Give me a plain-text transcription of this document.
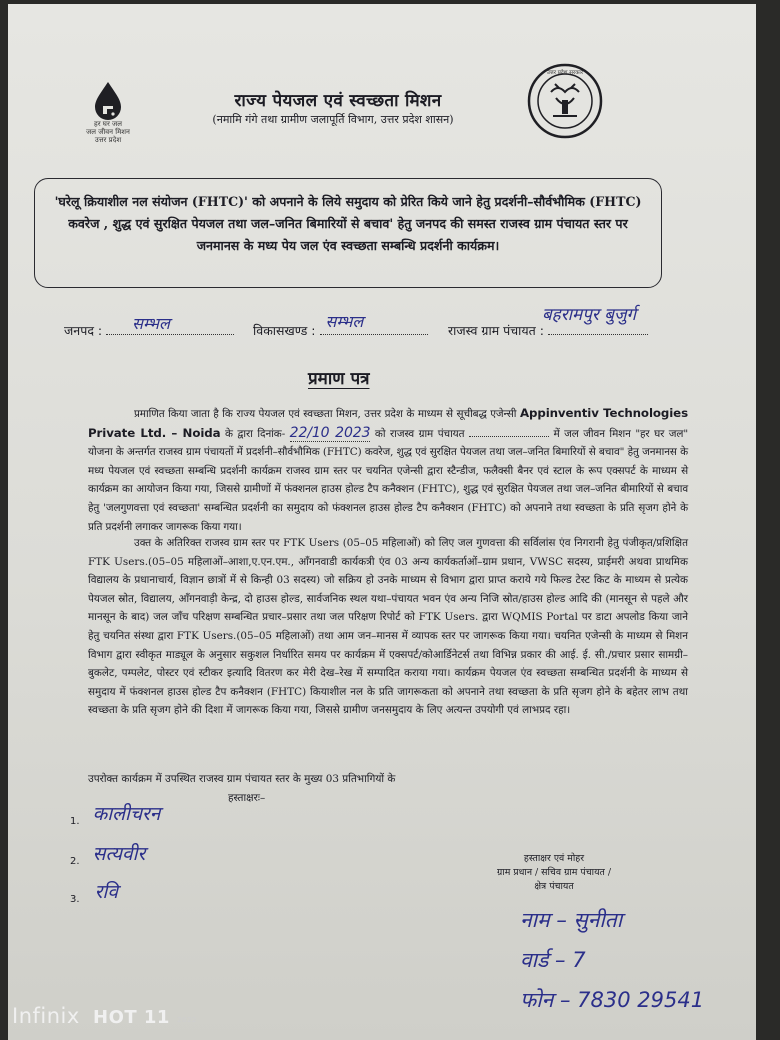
हर घर जल
जल जीवन मिशन
उत्तर प्रदेश
उत्तर प्रदेश सरकार
राज्य पेयजल एवं स्वच्छता मिशन
(नमामि गंगे तथा ग्रामीण जलापूर्ति विभाग, उत्तर प्रदेश शासन)
'घरेलू क्रियाशील नल संयोजन (FHTC)' को अपनाने के लिये समुदाय को प्रेरित किये जाने हेतु प्रदर्शनी–सौर्वभौमिक (FHTC) कवरेज , शुद्ध एवं सुरक्षित पेयजल तथा जल–जनित बिमारियों से बचाव' हेतु जनपद की समस्त राजस्व ग्राम पंचायत स्तर पर जनमानस के मध्य पेय जल एंव स्वच्छता सम्बन्धि प्रदर्शनी कार्यक्रम।
जनपद : सम्भल	विकासखण्ड : सम्भल	राजस्व ग्राम पंचायत :
बहरामपुर बुजुर्ग
प्रमाण पत्र
प्रमाणित किया जाता है कि राज्य पेयजल एवं स्वच्छता मिशन, उत्तर प्रदेश के माध्यम से सूचीबद्ध एजेन्सी Appinventiv Technologies Private Ltd. – Noida के द्वारा दिनांक- 22/10 2023 को राजस्व ग्राम पंचायत	में जल जीवन मिशन "हर घर जल" योजना के अन्तर्गत राजस्व ग्राम पंचायतों में प्रदर्शनी–सौर्वभौमिक (FHTC) कवरेज, शुद्ध एवं सुरक्षित पेयजल तथा जल–जनित बिमारियों से बचाव" हेतु जनमानस के मध्य पेयजल एवं स्वच्छता सम्बन्धि प्रदर्शनी कार्यक्रम राजस्व ग्राम स्तर पर चयनित एजेन्सी द्वारा स्टैन्डीज, फलैक्सी बैनर एवं स्टाल के रूप एक्सपर्ट के माध्यम से कार्यक्रम का आयोजन किया गया, जिससे ग्रामीणों में फंक्शनल हाउस होल्ड टैप कनैक्शन (FHTC), शुद्ध एवं सुरक्षित पेयजल तथा जल–जनित बीमारियों से बचाव हेतु 'जलगुणवत्ता एवं स्वच्छता' सम्बन्धित प्रदर्शनी का समुदाय को फंक्शनल हाउस होल्ड टैप कनैक्शन (FHTC) को अपनाने तथा स्वच्छता के प्रति सृजग होने के प्रति प्रदर्शनी लगाकर जागरूक किया गया।
उक्त के अतिरिक्त राजस्व ग्राम स्तर पर FTK Users (05–05 महिलाओं) को लिए जल गुणवत्ता की सर्विलांस एंव निगरानी हेतु पंजीकृत/प्रशिक्षित FTK Users.(05–05 महिलाओं–आशा,ए.एन.एम., आँगनवाडी कार्यकत्री एंव 03 अन्य कार्यकर्ताओं–ग्राम प्रधान, VWSC सदस्य, प्राईमरी अथवा प्राथमिक विद्यालय के प्रधानाचार्य, विज्ञान छात्रों में से किन्ही 03 सदस्य) जो सक्रिय हो उनके माध्यम से विभाग द्वारा प्राप्त कराये गये फिल्ड टेस्ट किट के माध्यम से प्रत्येक पेयजल स्रोत, विद्यालय, आँगनवाड़ी केन्द्र, दो हाउस होल्ड, सार्वजनिक स्थल यथा–पंचायत भवन एंव अन्य निजि स्रोत/हाउस होल्ड आदि की (मानसून से पहले और मानसून के बाद) जल जाँच परिक्षण सम्बन्धित प्रचार–प्रसार तथा जल परिक्षण रिपोर्ट को FTK Users. द्वारा WQMIS Portal पर डाटा अपलोड किया जाने हेतु चयनित संस्था द्वारा FTK Users.(05–05 महिलाओं) तथा आम जन–मानस में व्यापक स्तर पर जागरूक किया गया। चयनित एजेन्सी के माध्यम से मिशन विभाग द्वारा स्वीकृत माड्यूल के अनुसार सकुशल निर्धारित समय पर कार्यक्रम में एक्सपर्ट/कोआर्डिनेटर्स तथा विभिन्न प्रकार की आई. ई. सी./प्रचार प्रसार सामग्री–बुकलेट, पम्पलेट, पोस्टर एवं स्टीकर इत्यादि वितरण कर मेरी देख–रेख में सम्पादित कराया गया। कार्यक्रम पेयजल एंव स्वच्छता सम्बन्धित प्रदर्शनी के माध्यम से समुदाय में फंक्शनल हाउस होल्ड टैप कनैक्शन (FHTC) कियाशील नल के प्रति जागरूकता को अपनाने तथा स्वच्छता के प्रति सृजग होने के बहेतर लाभ तथा स्वच्छता के प्रति सृजग होने की दिशा में जागरूक किया गया, जिससे ग्रामीण जनसमुदाय के लिए अत्यन्त उपयोगी एवं लाभप्रद रहा।
उपरोक्त कार्यक्रम में उपस्थित राजस्व ग्राम पंचायत स्तर के मुख्य 03 प्रतिभागियों के
हस्ताक्षरः–
1. कालीचरन
2. सत्यवीर
3. रवि
हस्ताक्षर एवं मोहर
ग्राम प्रधान / सचिव ग्राम पंचायत /
क्षेत्र पंचायत
नाम – सुनीता
वार्ड – 7
फोन – 7830 29541
Infinix HOT 11 2022
